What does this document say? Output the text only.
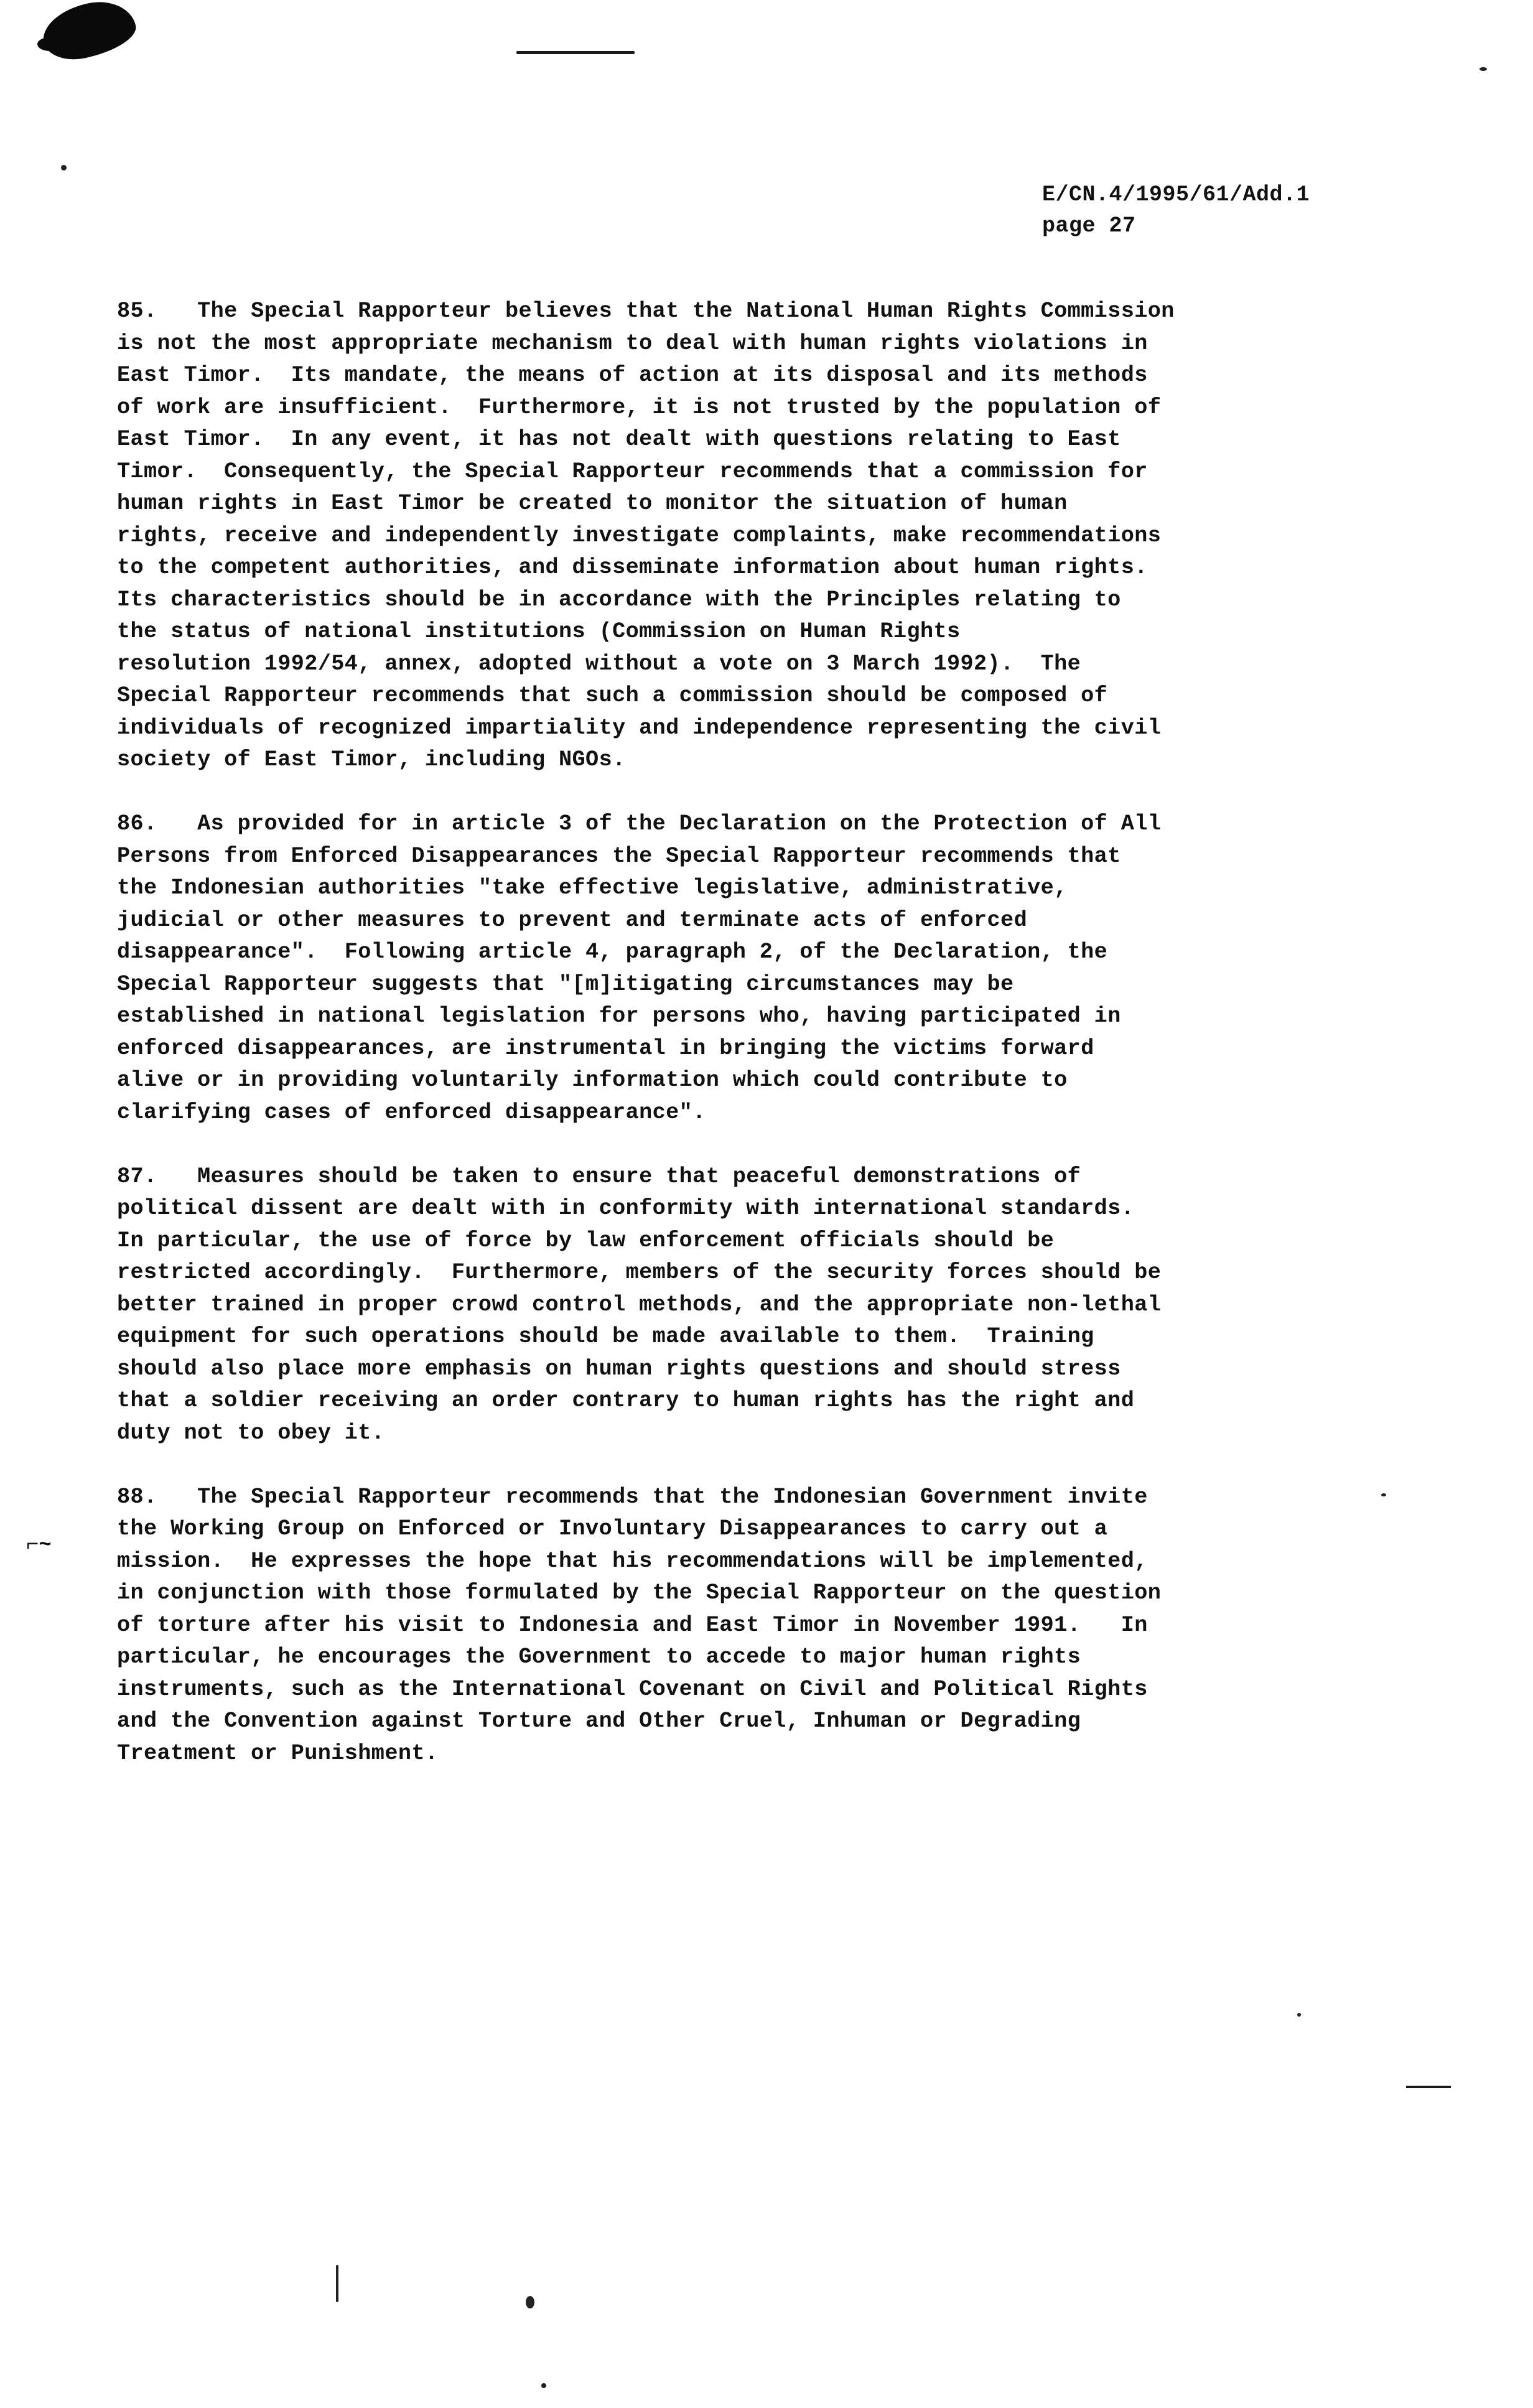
⌐~
E/CN.4/1995/61/Add.1
page 27
85.   The Special Rapporteur believes that the National Human Rights Commission
is not the most appropriate mechanism to deal with human rights violations in
East Timor.  Its mandate, the means of action at its disposal and its methods
of work are insufficient.  Furthermore, it is not trusted by the population of
East Timor.  In any event, it has not dealt with questions relating to East
Timor.  Consequently, the Special Rapporteur recommends that a commission for
human rights in East Timor be created to monitor the situation of human
rights, receive and independently investigate complaints, make recommendations
to the competent authorities, and disseminate information about human rights.
Its characteristics should be in accordance with the Principles relating to
the status of national institutions (Commission on Human Rights
resolution 1992/54, annex, adopted without a vote on 3 March 1992).  The
Special Rapporteur recommends that such a commission should be composed of
individuals of recognized impartiality and independence representing the civil
society of East Timor, including NGOs.
86.   As provided for in article 3 of the Declaration on the Protection of All
Persons from Enforced Disappearances the Special Rapporteur recommends that
the Indonesian authorities "take effective legislative, administrative,
judicial or other measures to prevent and terminate acts of enforced
disappearance".  Following article 4, paragraph 2, of the Declaration, the
Special Rapporteur suggests that "[m]itigating circumstances may be
established in national legislation for persons who, having participated in
enforced disappearances, are instrumental in bringing the victims forward
alive or in providing voluntarily information which could contribute to
clarifying cases of enforced disappearance".
87.   Measures should be taken to ensure that peaceful demonstrations of
political dissent are dealt with in conformity with international standards.
In particular, the use of force by law enforcement officials should be
restricted accordingly.  Furthermore, members of the security forces should be
better trained in proper crowd control methods, and the appropriate non-lethal
equipment for such operations should be made available to them.  Training
should also place more emphasis on human rights questions and should stress
that a soldier receiving an order contrary to human rights has the right and
duty not to obey it.
88.   The Special Rapporteur recommends that the Indonesian Government invite
the Working Group on Enforced or Involuntary Disappearances to carry out a
mission.  He expresses the hope that his recommendations will be implemented,
in conjunction with those formulated by the Special Rapporteur on the question
of torture after his visit to Indonesia and East Timor in November 1991.   In
particular, he encourages the Government to accede to major human rights
instruments, such as the International Covenant on Civil and Political Rights
and the Convention against Torture and Other Cruel, Inhuman or Degrading
Treatment or Punishment.
